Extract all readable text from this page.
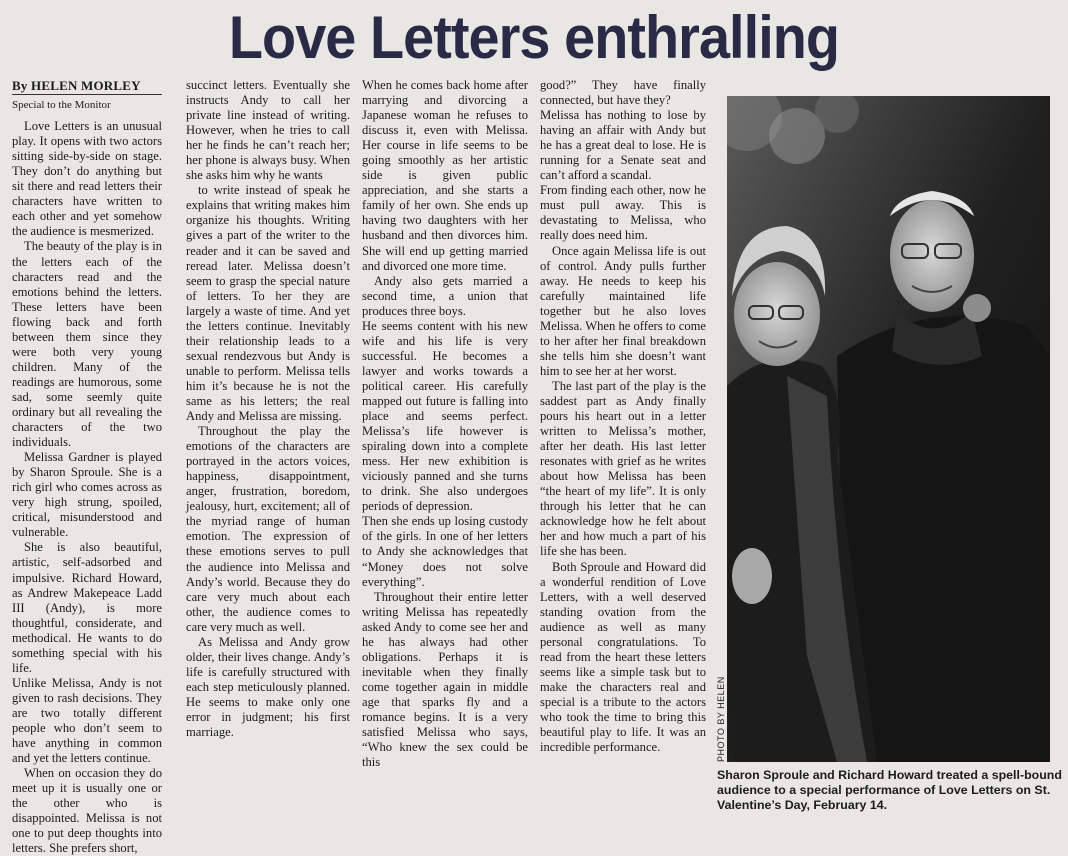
Love Letters enthralling
By HELEN MORLEY
Special to the Monitor

Love Letters is an unusual play. It opens with two actors sitting side-by-side on stage. They don’t do anything but sit there and read letters their characters have written to each other and yet somehow the audience is mesmerized.

The beauty of the play is in the letters each of the characters read and the emotions behind the letters. These letters have been flowing back and forth between them since they were both very young children. Many of the readings are humorous, some sad, some seemly quite ordinary but all revealing the characters of the two individuals.

Melissa Gardner is played by Sharon Sproule. She is a rich girl who comes across as very high strung, spoiled, critical, misunderstood and vulnerable.

She is also beautiful, artistic, self-adsorbed and impulsive. Richard Howard, as Andrew Makepeace Ladd III (Andy), is more thoughtful, considerate, and methodical. He wants to do something special with his life.

Unlike Melissa, Andy is not given to rash decisions. They are two totally different people who don’t seem to have anything in common and yet the letters continue.

When on occasion they do meet up it is usually one or the other who is disappointed. Melissa is not one to put deep thoughts into letters. She prefers short,

succinct letters. Eventually she instructs Andy to call her private line instead of writing. However, when he tries to call her he finds he can’t reach her; her phone is always busy. When she asks him why he wants

to write instead of speak he explains that writing makes him organize his thoughts. Writing gives a part of the writer to the reader and it can be saved and reread later. Melissa doesn’t seem to grasp the special nature of letters. To her they are largely a waste of time. And yet the letters continue. Inevitably their relationship leads to a sexual rendezvous but Andy is unable to perform. Melissa tells him it’s because he is not the same as his letters; the real Andy and Melissa are missing.

Throughout the play the emotions of the characters are portrayed in the actors voices, happiness, disappointment, anger, frustration, boredom, jealousy, hurt, excitement; all of the myriad range of human emotion. The expression of these emotions serves to pull the audience into Melissa and Andy’s world. Because they do care very much about each other, the audience comes to care very much as well.

As Melissa and Andy grow older, their lives change. Andy’s life is carefully structured with each step meticulously planned. He seems to make only one error in judgment; his first marriage.

When he comes back home after marrying and divorcing a Japanese woman he refuses to discuss it, even with Melissa. Her course in life seems to be going smoothly as her artistic side is given public appreciation, and she starts a family of her own. She ends up having two daughters with her husband and then divorces him. She will end up getting married and divorced one more time.

Andy also gets married a second time, a union that produces three boys.

He seems content with his new wife and his life is very successful. He becomes a lawyer and works towards a political career. His carefully mapped out future is falling into place and seems perfect. Melissa’s life however is spiraling down into a complete mess. Her new exhibition is viciously panned and she turns to drink. She also undergoes periods of depression.

Then she ends up losing custody of the girls. In one of her letters to Andy she acknowledges that “Money does not solve everything”.

Throughout their entire letter writing Melissa has repeatedly asked Andy to come see her and he has always had other obligations. Perhaps it is inevitable when they finally come together again in middle age that sparks fly and a romance begins. It is a very satisfied Melissa who says, “Who knew the sex could be this

good?” They have finally connected, but have they?

Melissa has nothing to lose by having an affair with Andy but he has a great deal to lose. He is running for a Senate seat and can’t afford a scandal.

From finding each other, now he must pull away. This is devastating to Melissa, who really does need him.

Once again Melissa life is out of control. Andy pulls further away. He needs to keep his carefully maintained life together but he also loves Melissa. When he offers to come to her after her final breakdown she tells him she doesn’t want him to see her at her worst.

The last part of the play is the saddest part as Andy finally pours his heart out in a letter written to Melissa’s mother, after her death. His last letter resonates with grief as he writes about how Melissa has been “the heart of my life”. It is only through his letter that he can acknowledge how he felt about her and how much a part of his life she has been.

Both Sproule and Howard did a wonderful rendition of Love Letters, with a well deserved standing ovation from the audience as well as many personal congratulations. To read from the heart these letters seems like a simple task but to make the characters real and special is a tribute to the actors who took the time to bring this beautiful play to life. It was an incredible performance.	PHOTO BY HELEN MORELEY
Sharon Sproule and Richard Howard treated a spell-bound audience to a special performance of Love Letters on St. Valentine’s Day, February 14.
